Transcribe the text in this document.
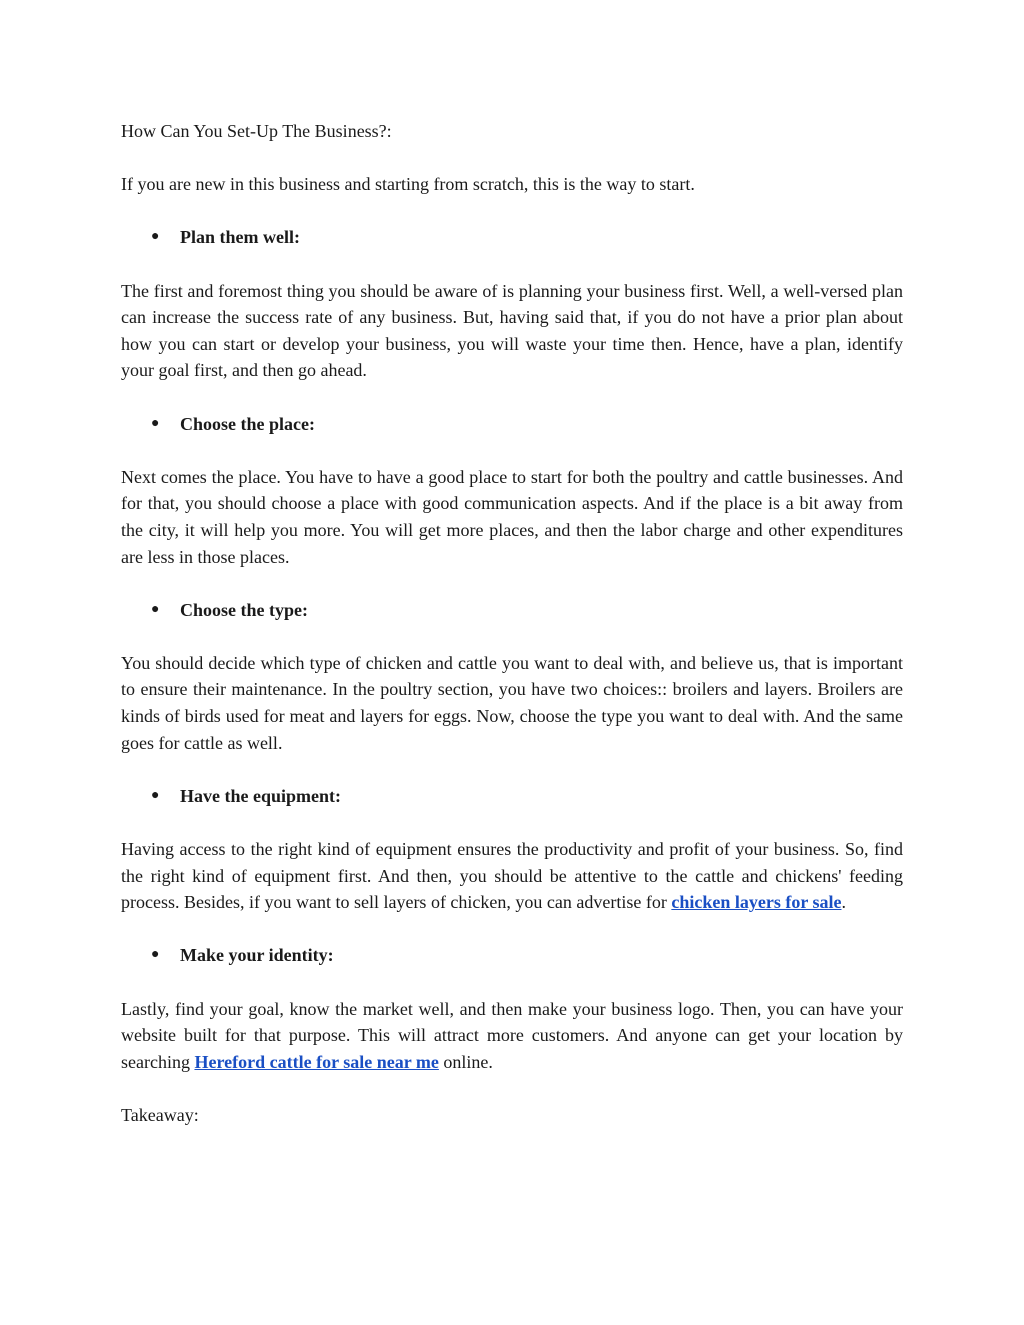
How Can You Set-Up The Business?:

If you are new in this business and starting from scratch, this is the way to start.

● Plan them well:

The first and foremost thing you should be aware of is planning your business first. Well, a well-versed plan can increase the success rate of any business. But, having said that, if you do not have a prior plan about how you can start or develop your business, you will waste your time then. Hence, have a plan, identify your goal first, and then go ahead.

● Choose the place:

Next comes the place. You have to have a good place to start for both the poultry and cattle businesses. And for that, you should choose a place with good communication aspects. And if the place is a bit away from the city, it will help you more. You will get more places, and then the labor charge and other expenditures are less in those places.

● Choose the type:

You should decide which type of chicken and cattle you want to deal with, and believe us, that is important to ensure their maintenance. In the poultry section, you have two choices:: broilers and layers. Broilers are kinds of birds used for meat and layers for eggs. Now, choose the type you want to deal with. And the same goes for cattle as well.

● Have the equipment:

Having access to the right kind of equipment ensures the productivity and profit of your business. So, find the right kind of equipment first. And then, you should be attentive to the cattle and chickens' feeding process. Besides, if you want to sell layers of chicken, you can advertise for chicken layers for sale.

● Make your identity:

Lastly, find your goal, know the market well, and then make your business logo. Then, you can have your website built for that purpose. This will attract more customers. And anyone can get your location by searching Hereford cattle for sale near me online.

Takeaway:
